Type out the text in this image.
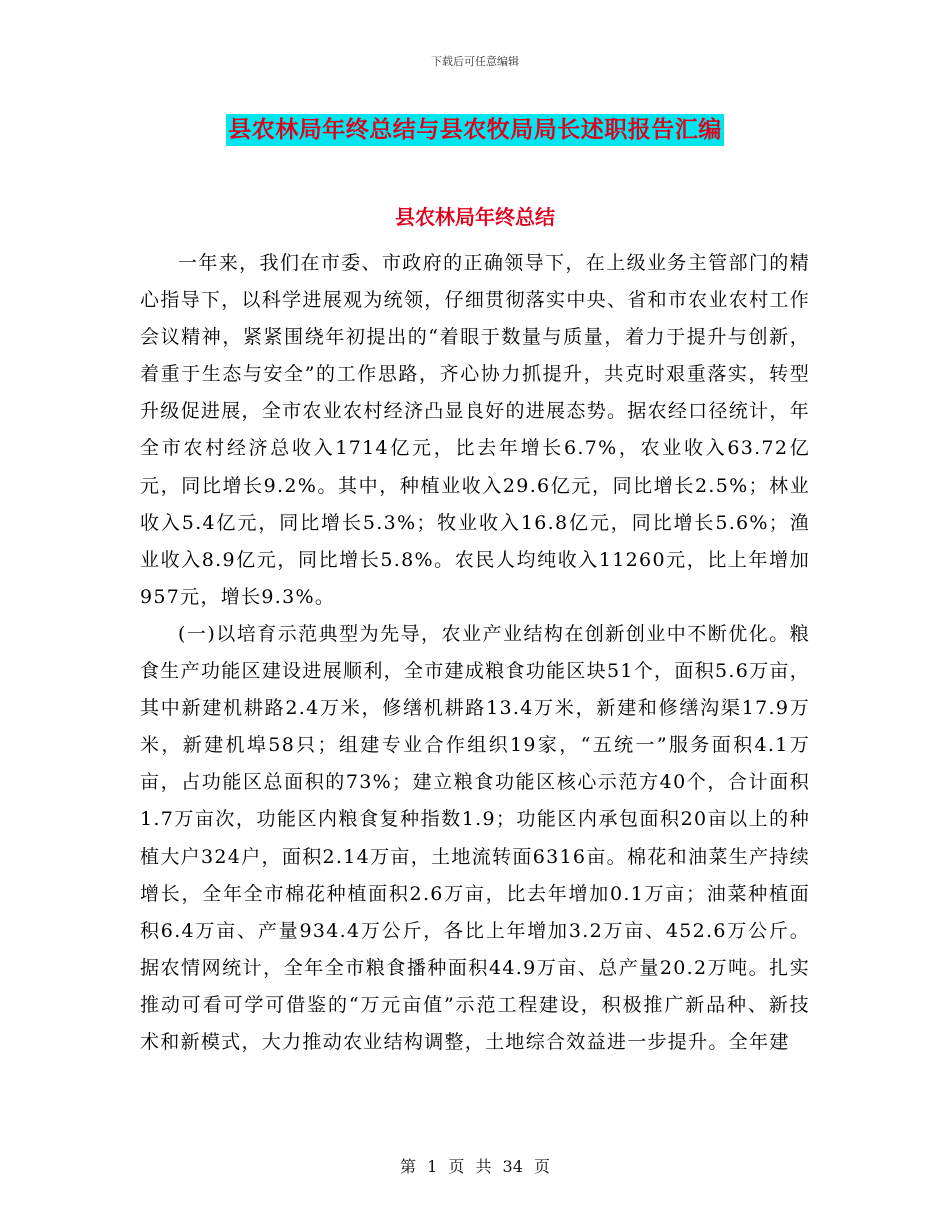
下载后可任意编辑
县农林局年终总结与县农牧局局长述职报告汇编
县农林局年终总结

一年来，我们在市委、市政府的正确领导下，在上级业务主管部门的精心指导下，以科学进展观为统领，仔细贯彻落实中央、省和市农业农村工作会议精神，紧紧围绕年初提出的“着眼于数量与质量，着力于提升与创新，着重于生态与安全”的工作思路，齐心协力抓提升，共克时艰重落实，转型升级促进展，全市农业农村经济凸显良好的进展态势。据农经口径统计，年全市农村经济总收入1714亿元，比去年增长6.7%，农业收入63.72亿元，同比增长9.2%。其中，种植业收入29.6亿元，同比增长2.5%；林业收入5.4亿元，同比增长5.3%；牧业收入16.8亿元，同比增长5.6%；渔业收入8.9亿元，同比增长5.8%。农民人均纯收入11260元，比上年增加957元，增长9.3%。

(一)以培育示范典型为先导，农业产业结构在创新创业中不断优化。粮食生产功能区建设进展顺利，全市建成粮食功能区块51个，面积5.6万亩，其中新建机耕路2.4万米，修缮机耕路13.4万米，新建和修缮沟渠17.9万米，新建机埠58只；组建专业合作组织19家，“五统一”服务面积4.1万亩，占功能区总面积的73%；建立粮食功能区核心示范方40个，合计面积1.7万亩次，功能区内粮食复种指数1.9；功能区内承包面积20亩以上的种植大户324户，面积2.14万亩，土地流转面6316亩。棉花和油菜生产持续增长，全年全市棉花种植面积2.6万亩，比去年增加0.1万亩；油菜种植面积6.4万亩、产量934.4万公斤，各比上年增加3.2万亩、452.6万公斤。据农情网统计，全年全市粮食播种面积44.9万亩、总产量20.2万吨。扎实推动可看可学可借鉴的“万元亩值”示范工程建设，积极推广新品种、新技术和新模式，大力推动农业结构调整，土地综合效益进一步提升。全年建

第 1 页 共 34 页
